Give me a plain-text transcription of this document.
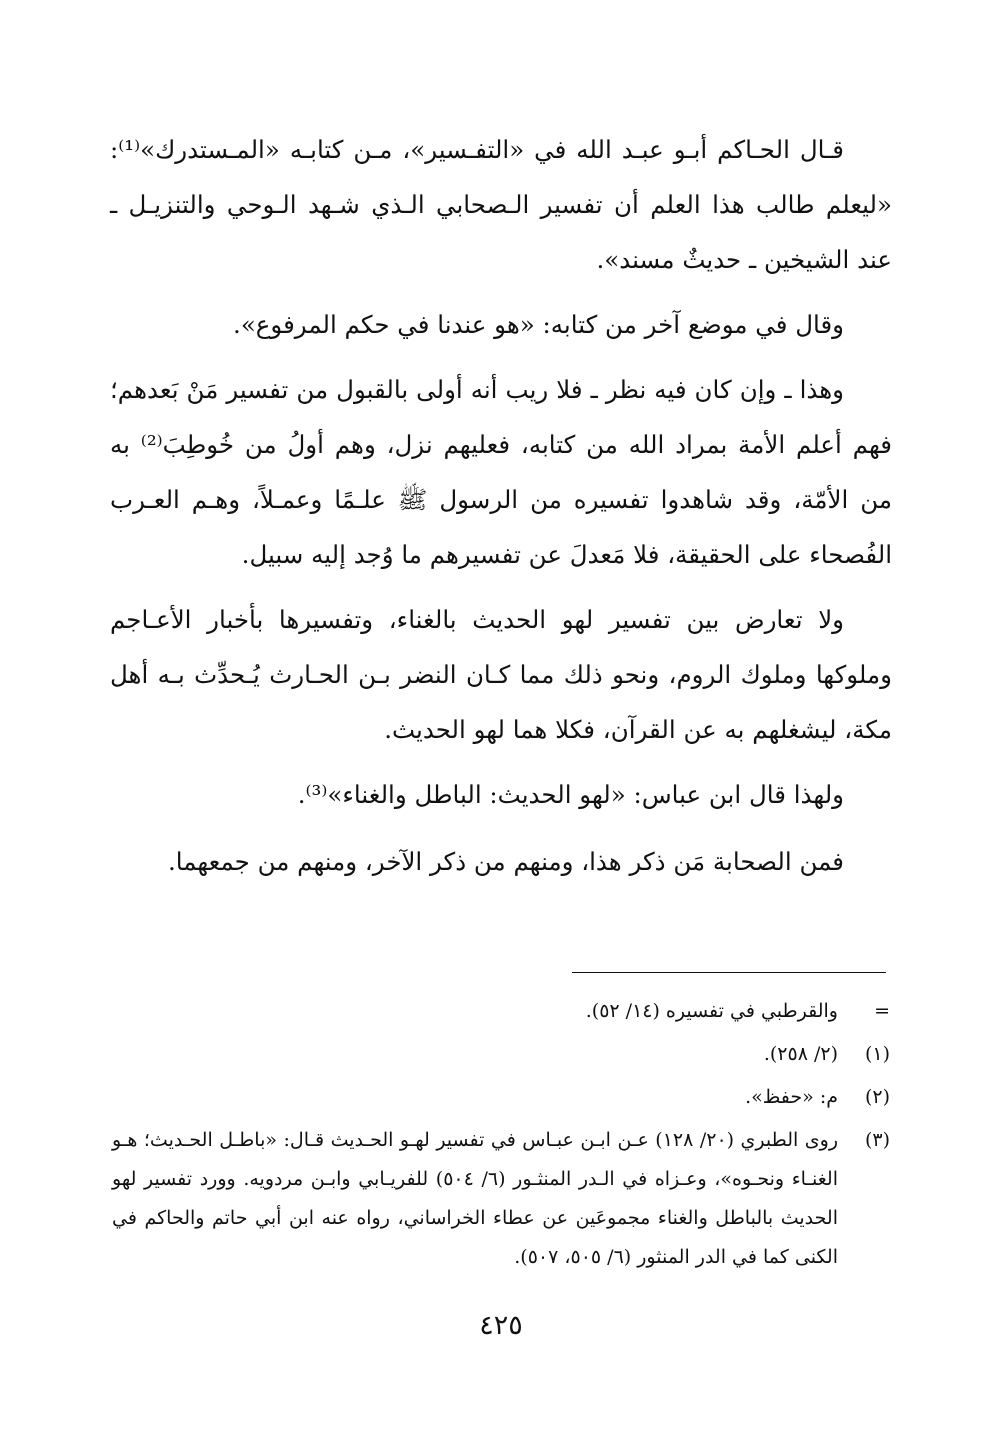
قـال الحـاكم أبـو عبـد الله في «التفـسير»، مـن كتابـه «المـستدرك»⁽¹⁾: «ليعلم طالب هذا العلم أن تفسير الـصحابي الـذي شـهد الـوحي والتنزيـل ـ عند الشيخين ـ حديثٌ مسند».

وقال في موضع آخر من كتابه: «هو عندنا في حكم المرفوع».

وهذا ـ وإن كان فيه نظر ـ فلا ريب أنه أولى بالقبول من تفسير مَنْ بَعدهم؛ فهم أعلم الأمة بمراد الله من كتابه، فعليهم نزل، وهم أولُ من خُوطِبَ⁽²⁾ به من الأمّة، وقد شاهدوا تفسيره من الرسول ﷺ علـمًا وعمـلاً، وهـم العـرب الفُصحاء على الحقيقة، فلا مَعدلَ عن تفسيرهم ما وُجد إليه سبيل.

ولا تعارض بين تفسير لهو الحديث بالغناء، وتفسيرها بأخبار الأعـاجم وملوكها وملوك الروم، ونحو ذلك مما كـان النضر بـن الحـارث يُـحدِّث بـه أهل مكة، ليشغلهم به عن القرآن، فكلا هما لهو الحديث.

ولهذا قال ابن عباس: «لهو الحديث: الباطل والغناء»⁽³⁾.

فمن الصحابة مَن ذكر هذا، ومنهم من ذكر الآخر، ومنهم من جمعهما.

=
والقرطبي في تفسيره (١٤/ ٥٢).
(١)
(٢/ ٢٥٨).
(٢)
م: «حفظ».
(٣)
روى الطبري (٢٠/ ١٢٨) عـن ابـن عبـاس في تفسير لهـو الحـديث قـال: «باطـل الحـديث؛ هـو الغنـاء ونحـوه»، وعـزاه في الـدر المنثـور (٦/ ٥٠٤) للفريـابي وابـن مردويه. وورد تفسير لهو الحديث بالباطل والغناء مجموعَين عن عطاء الخراساني، رواه عنه ابن أبي حاتم والحاكم في الكنى كما في الدر المنثور (٦/ ٥٠٥، ٥٠٧).
٤٢٥
